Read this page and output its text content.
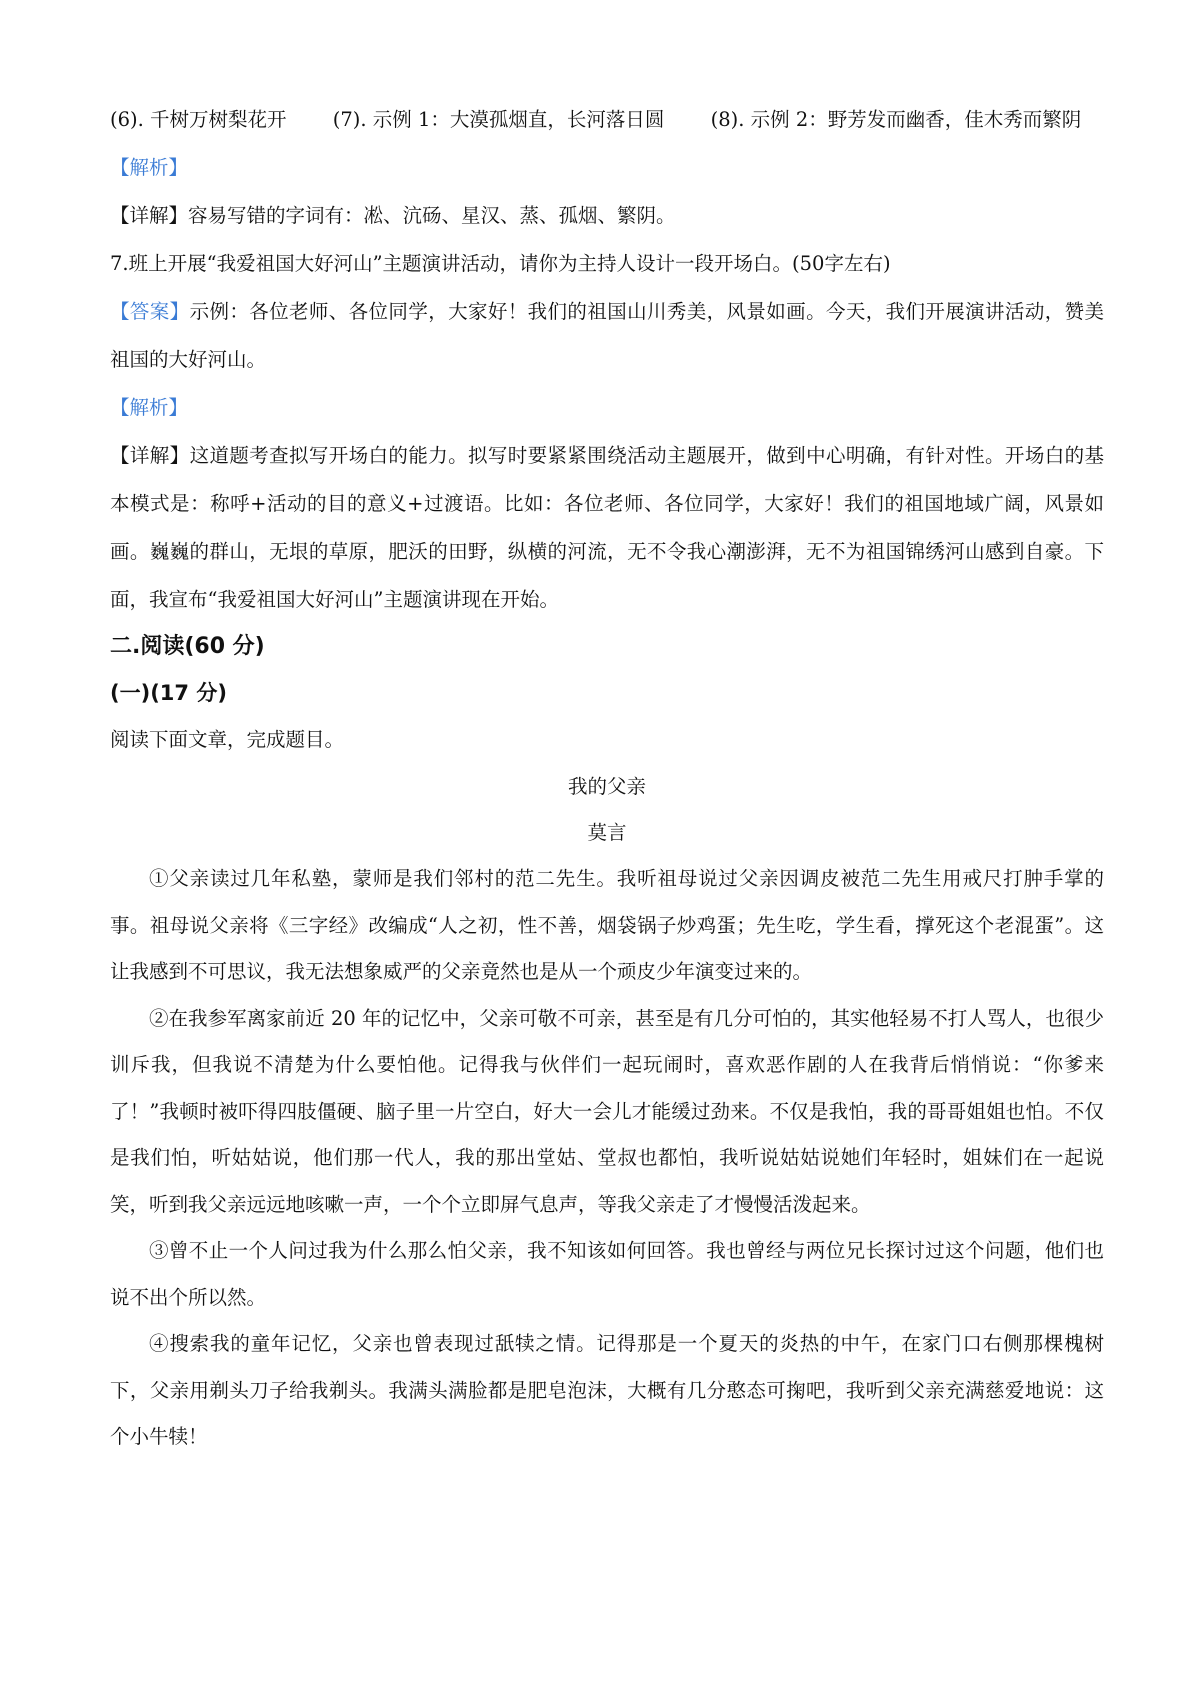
(6). 千树万树梨花开 (7). 示例 1：大漠孤烟直，长河落日圆 (8). 示例 2：野芳发而幽香，佳木秀而繁阴

【解析】

【详解】容易写错的字词有：凇、沆砀、星汉、蒸、孤烟、繁阴。

7.班上开展“我爱祖国大好河山”主题演讲活动，请你为主持人设计一段开场白。(50字左右)

【答案】示例：各位老师、各位同学，大家好！我们的祖国山川秀美，风景如画。今天，我们开展演讲活动，赞美祖国的大好河山。

【解析】

【详解】这道题考查拟写开场白的能力。拟写时要紧紧围绕活动主题展开，做到中心明确，有针对性。开场白的基本模式是：称呼+活动的目的意义+过渡语。比如：各位老师、各位同学，大家好！我们的祖国地域广阔，风景如画。巍巍的群山，无垠的草原，肥沃的田野，纵横的河流，无不令我心潮澎湃，无不为祖国锦绣河山感到自豪。下面，我宣布“我爱祖国大好河山”主题演讲现在开始。

二.阅读(60 分)

(一)(17 分)

阅读下面文章，完成题目。

我的父亲

莫言

①父亲读过几年私塾，蒙师是我们邻村的范二先生。我听祖母说过父亲因调皮被范二先生用戒尺打肿手掌的事。祖母说父亲将《三字经》改编成“人之初，性不善，烟袋锅子炒鸡蛋；先生吃，学生看，撑死这个老混蛋”。这让我感到不可思议，我无法想象威严的父亲竟然也是从一个顽皮少年演变过来的。

②在我参军离家前近 20 年的记忆中，父亲可敬不可亲，甚至是有几分可怕的，其实他轻易不打人骂人，也很少训斥我，但我说不清楚为什么要怕他。记得我与伙伴们一起玩闹时，喜欢恶作剧的人在我背后悄悄说：“你爹来了！”我顿时被吓得四肢僵硬、脑子里一片空白，好大一会儿才能缓过劲来。不仅是我怕，我的哥哥姐姐也怕。不仅是我们怕，听姑姑说，他们那一代人，我的那出堂姑、堂叔也都怕，我听说姑姑说她们年轻时，姐妹们在一起说笑，听到我父亲远远地咳嗽一声，一个个立即屏气息声，等我父亲走了才慢慢活泼起来。

③曾不止一个人问过我为什么那么怕父亲，我不知该如何回答。我也曾经与两位兄长探讨过这个问题，他们也说不出个所以然。

④搜索我的童年记忆，父亲也曾表现过舐犊之情。记得那是一个夏天的炎热的中午，在家门口右侧那棵槐树下，父亲用剃头刀子给我剃头。我满头满脸都是肥皂泡沫，大概有几分憨态可掬吧，我听到父亲充满慈爱地说：这个小牛犊！
